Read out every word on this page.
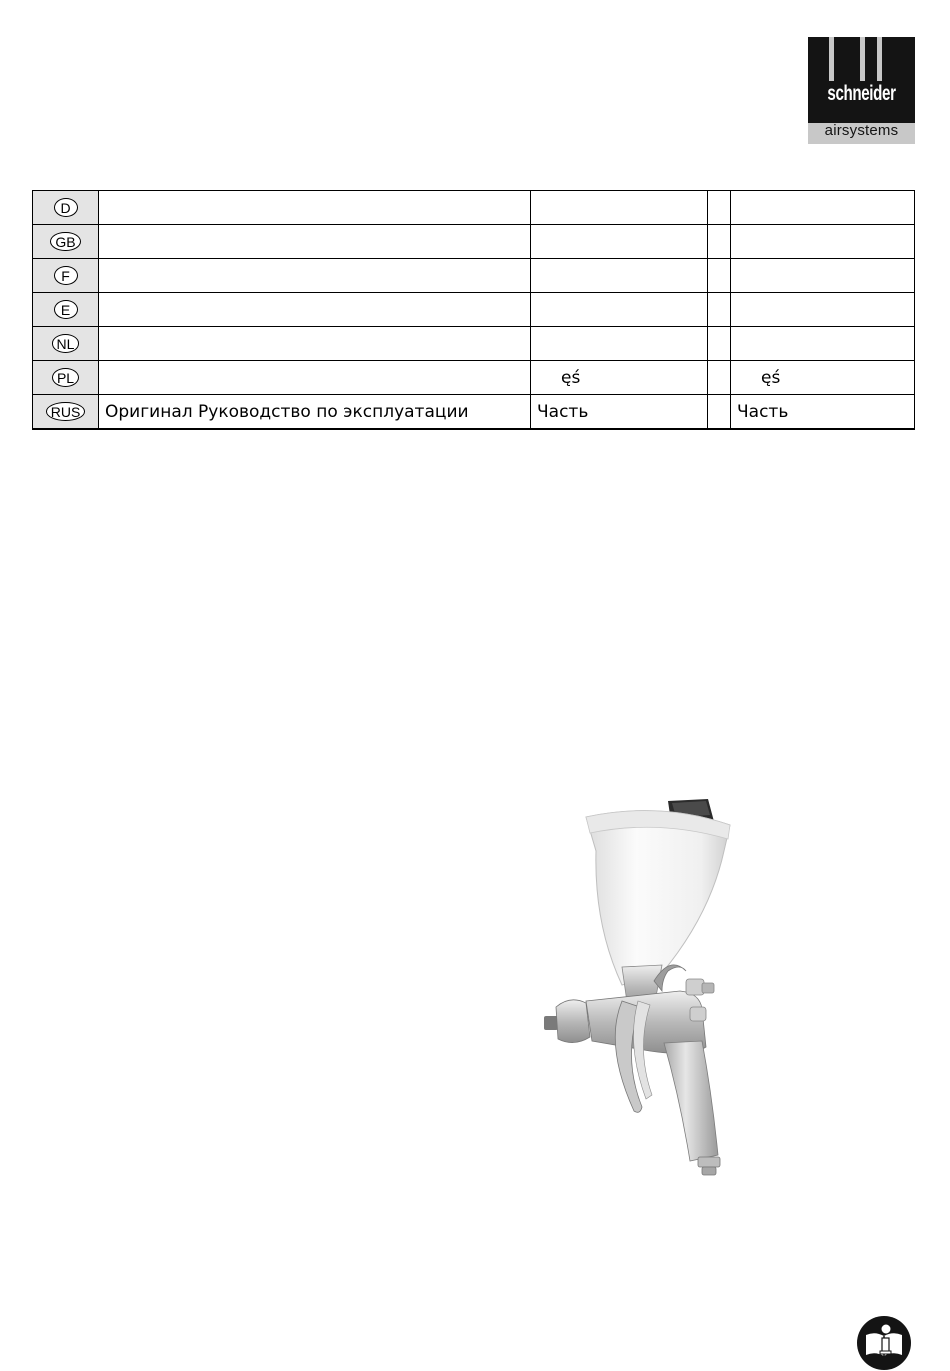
schneider
airsystems
D				
GB				
F				
E				
NL				
PL		ęś		ęś
RUS	Оригинал Руководство по эксплуатации	Часть		Часть
